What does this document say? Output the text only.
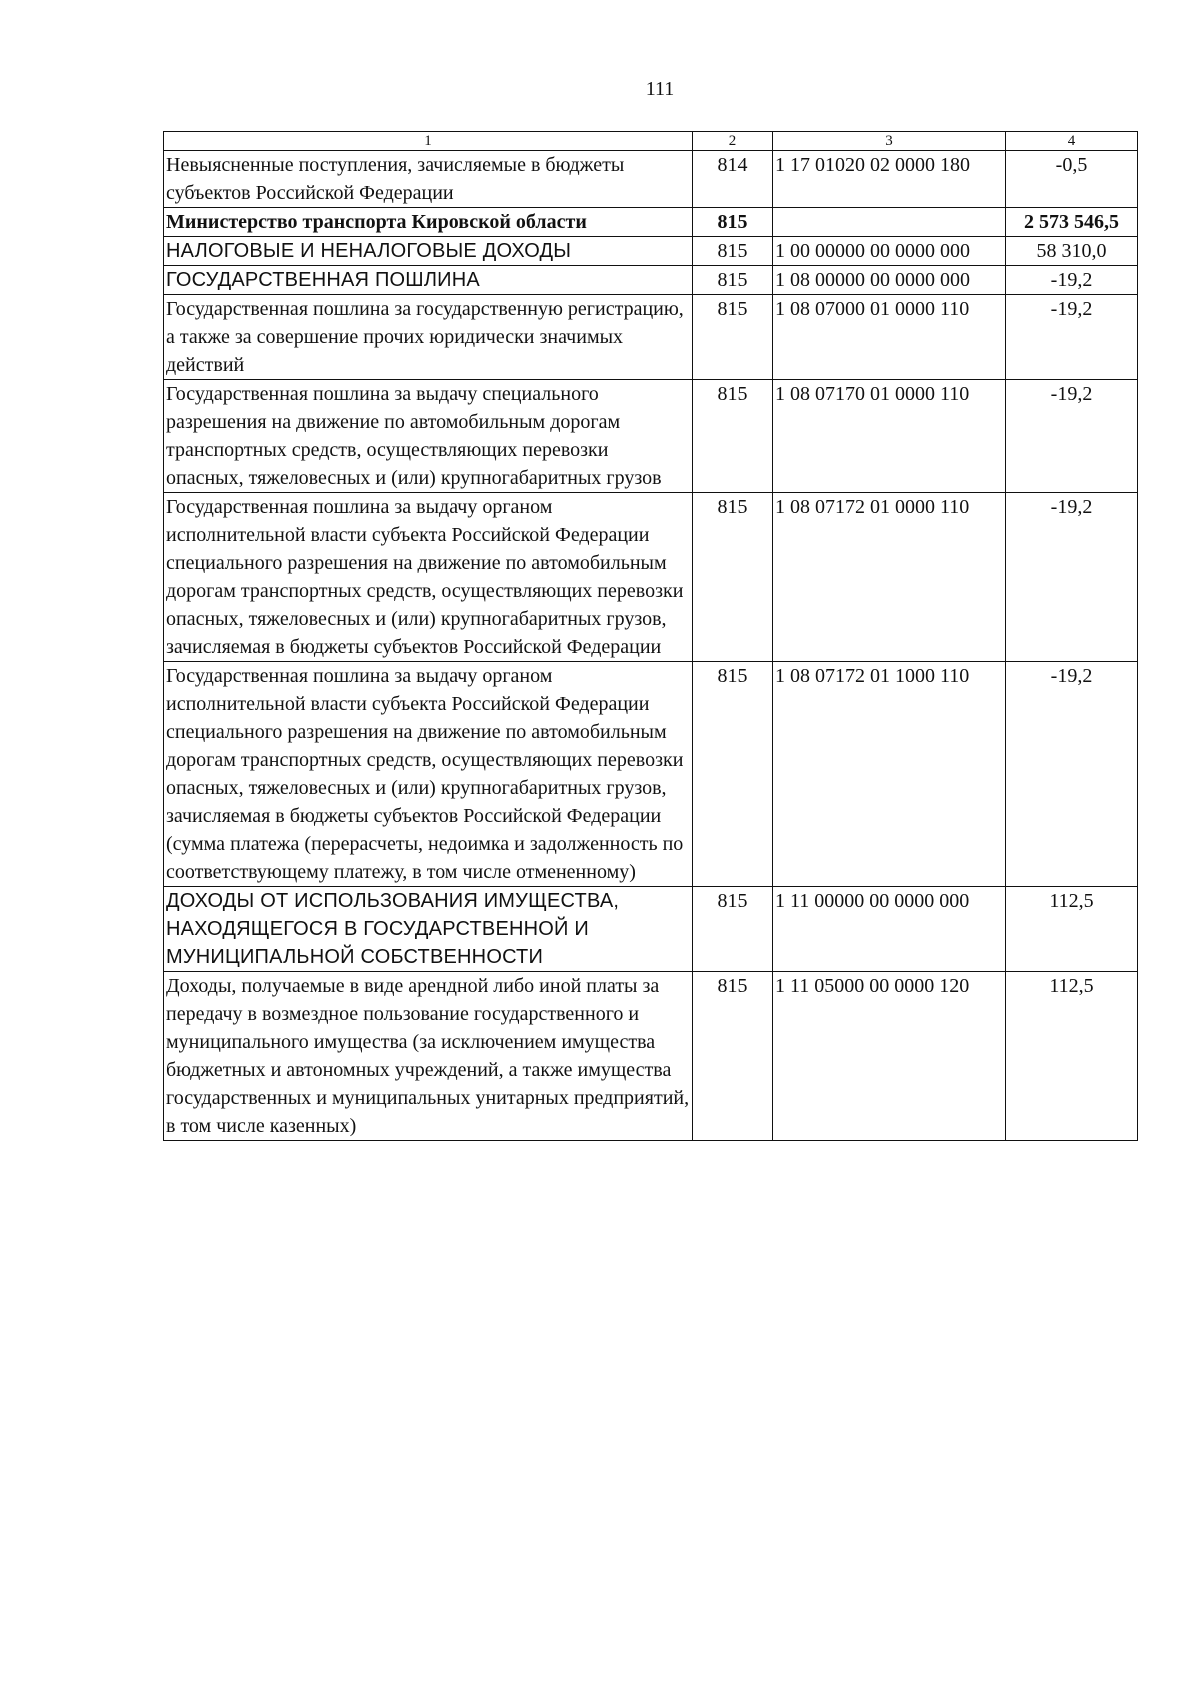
111
1	2	3	4
Невыясненные поступления, зачисляемые в бюджеты субъектов Российской Федерации	814	1 17 01020 02 0000 180	-0,5
Министерство транспорта Кировской области	815		2 573 546,5
НАЛОГОВЫЕ И НЕНАЛОГОВЫЕ ДОХОДЫ	815	1 00 00000 00 0000 000	58 310,0
ГОСУДАРСТВЕННАЯ ПОШЛИНА	815	1 08 00000 00 0000 000	-19,2
Государственная пошлина за государственную регистрацию, а также за совершение прочих юридически значимых действий	815	1 08 07000 01 0000 110	-19,2
Государственная пошлина за выдачу специального разрешения на движение по автомобильным дорогам транспортных средств, осуществляющих перевозки опасных, тяжеловесных и (или) крупногабаритных грузов	815	1 08 07170 01 0000 110	-19,2
Государственная пошлина за выдачу органом исполнительной власти субъекта Российской Федерации специального разрешения на движение по автомобильным дорогам транспортных средств, осуществляющих перевозки опасных, тяжеловесных и (или) крупногабаритных грузов, зачисляемая в бюджеты субъектов Российской Федерации	815	1 08 07172 01 0000 110	-19,2
Государственная пошлина за выдачу органом исполнительной власти субъекта Российской Федерации специального разрешения на движение по автомобильным дорогам транспортных средств, осуществляющих перевозки опасных, тяжеловесных и (или) крупногабаритных грузов, зачисляемая в бюджеты субъектов Российской Федерации (сумма платежа (перерасчеты, недоимка и задолженность по соответствующему платежу, в том числе отмененному)	815	1 08 07172 01 1000 110	-19,2
ДОХОДЫ ОТ ИСПОЛЬЗОВАНИЯ ИМУЩЕСТВА, НАХОДЯЩЕГОСЯ В ГОСУДАРСТВЕННОЙ И МУНИЦИПАЛЬНОЙ СОБСТВЕННОСТИ	815	1 11 00000 00 0000 000	112,5
Доходы, получаемые в виде арендной либо иной платы за передачу в возмездное пользование государственного и муниципального имущества (за исключением имущества бюджетных и автономных учреждений, а также имущества государственных и муниципальных унитарных предприятий, в том числе казенных)	815	1 11 05000 00 0000 120	112,5
